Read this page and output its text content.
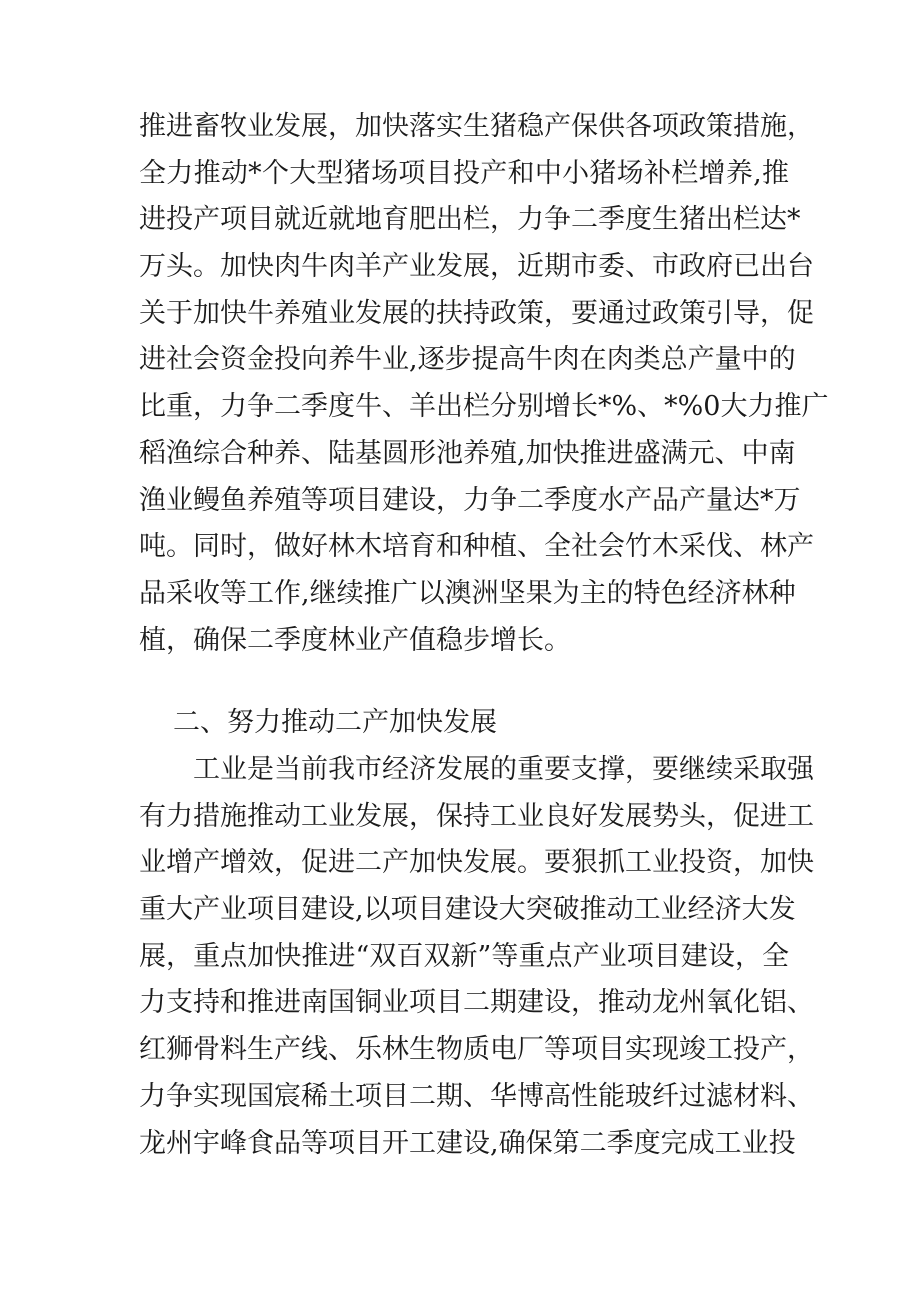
推进畜牧业发展，加快落实生猪稳产保供各项政策措施，
全力推动*个大型猪场项目投产和中小猪场补栏增养,推
进投产项目就近就地育肥出栏，力争二季度生猪出栏达*
万头。加快肉牛肉羊产业发展，近期市委、市政府已出台
关于加快牛养殖业发展的扶持政策，要通过政策引导，促
进社会资金投向养牛业,逐步提高牛肉在肉类总产量中的
比重，力争二季度牛、羊出栏分别增长*%、*%0大力推广
稻渔综合种养、陆基圆形池养殖,加快推进盛满元、中南
渔业鳗鱼养殖等项目建设，力争二季度水产品产量达*万
吨。同时，做好林木培育和种植、全社会竹木采伐、林产
品采收等工作,继续推广以澳洲坚果为主的特色经济林种
植，确保二季度林业产值稳步增长。
二、努力推动二产加快发展
工业是当前我市经济发展的重要支撑，要继续采取强
有力措施推动工业发展，保持工业良好发展势头，促进工
业增产增效，促进二产加快发展。要狠抓工业投资，加快
重大产业项目建设,以项目建设大突破推动工业经济大发
展，重点加快推进“双百双新”等重点产业项目建设，全
力支持和推进南国铜业项目二期建设，推动龙州氧化铝、
红狮骨料生产线、乐林生物质电厂等项目实现竣工投产，
力争实现国宸稀土项目二期、华博高性能玻纤过滤材料、
龙州宇峰食品等项目开工建设,确保第二季度完成工业投
